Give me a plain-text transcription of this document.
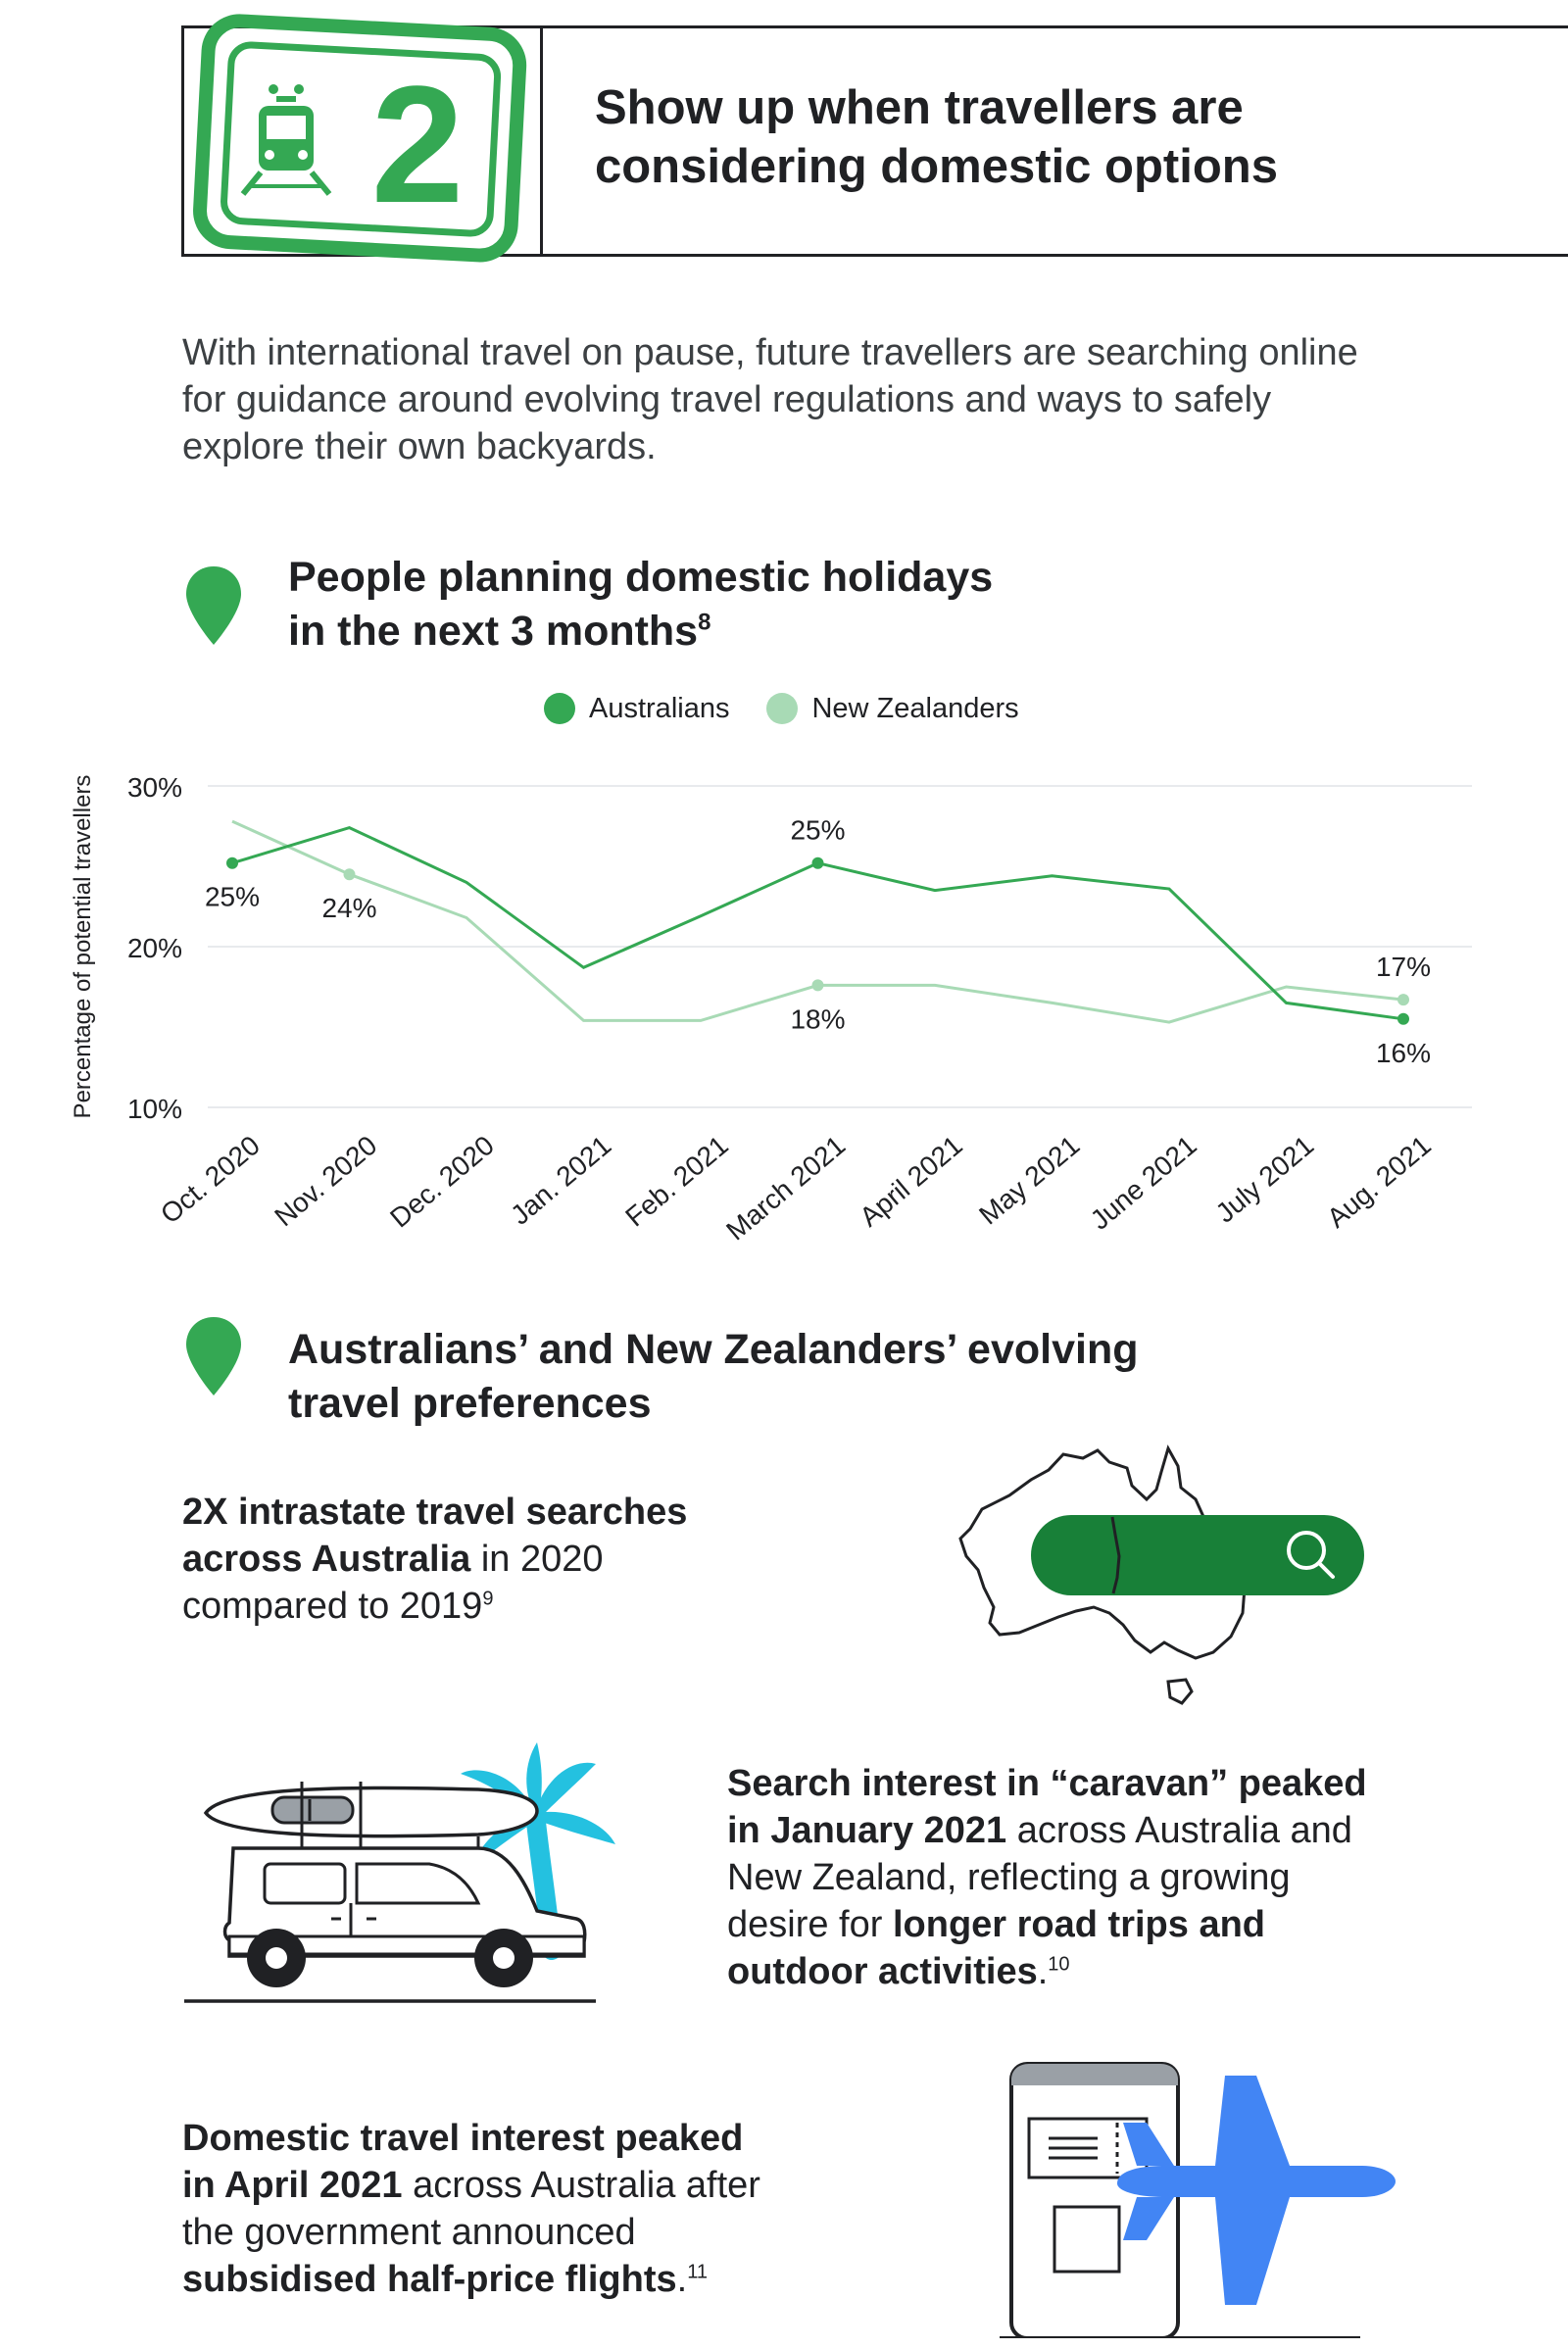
2	Show up when travellers are
considering domestic options
With international travel on pause, future travellers are searching online for guidance around evolving travel regulations and ways to safely explore their own backyards.
People planning domestic holidays
in the next 3 months$^8$
Australians	New Zealanders
10%
20%
30%
Percentage of potential travellers
Oct. 2020 Nov. 2020 Dec. 2020 Jan. 2021 Feb. 2021
March 2021 April 2021 May 2021 June 2021 July 2021 Aug. 2021
25% 24%
25%
18%
17%
16%
Australians’ and New Zealanders’ evolving
travel preferences
2X intrastate travel searches
across Australia in 2020
compared to 2019$^9$
Search interest in “caravan” peaked
in January 2021 across Australia and
New Zealand, reflecting a growing
desire for longer road trips and
outdoor activities.$^{10}$
Domestic travel interest peaked
in April 2021 across Australia after
the government announced
subsidised half-price flights.$^{11}$
